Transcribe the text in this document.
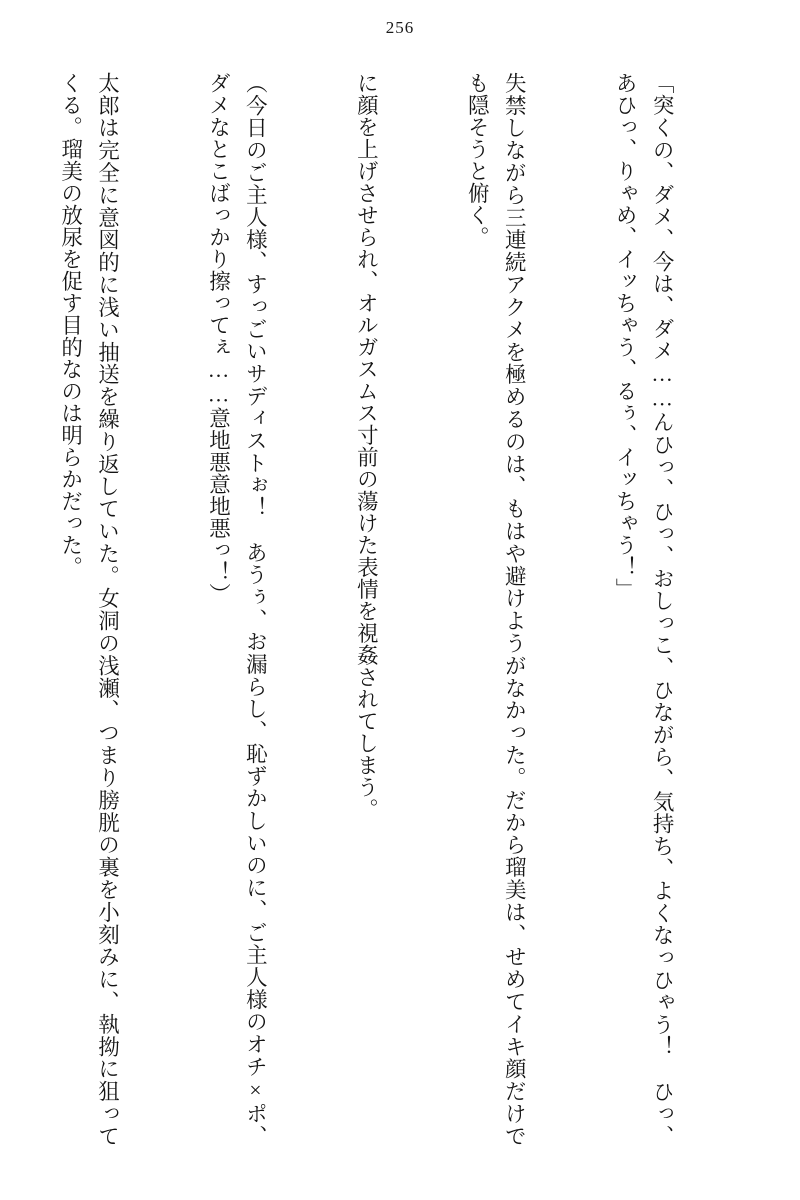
256

「突くの、ダメ、今は、ダメ……んひっ、ひっ、おしっこ、ひながら、気持ち、よくなっひゃう！　ひっ、あひっ、りゃめ、イッちゃう、るぅ、イッちゃう！」

失禁しながら三連続アクメを極めるのは、もはや避けようがなかった。だから瑠美は、せめてイキ顔だけでも隠そうと俯く。

に顔を上げさせられ、オルガスムス寸前の蕩けた表情を視姦されてしまう。

（今日のご主人様、すっごいサディストぉ！　あうぅ、お漏らし、恥ずかしいのに、ご主人様のオチ×ポ、ダメなとこばっかり擦ってぇ……意地悪意地悪っ！）

太郎は完全に意図的に浅い抽送を繰り返していた。女洞の浅瀬、つまり膀胱の裏を小刻みに、執拗に狙ってくる。瑠美の放尿を促す目的なのは明らかだった。
